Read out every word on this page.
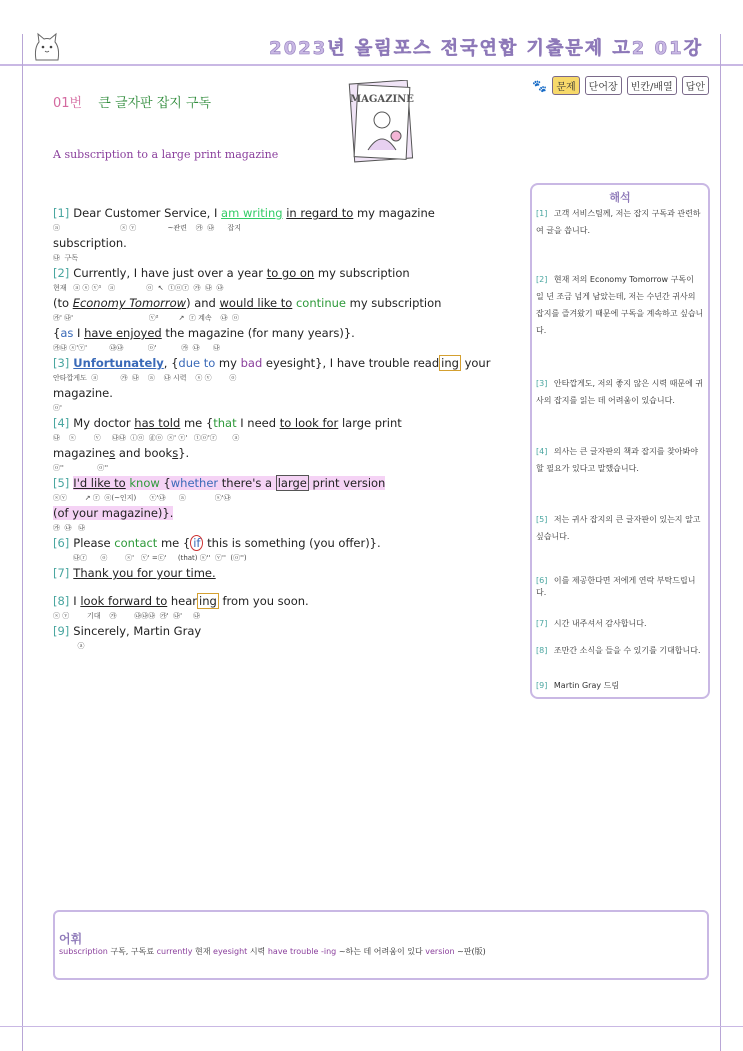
2023년 올림포스 전국연합 기출문제 고2 01강
🐾 문제	단어장	빈칸/배열	답안
01번 큰 글자판 잡지 구독	MAGAZINE
A subscription to a large print magazine
[1] Dear Customer Service, I am writing in regard to my magazine
ⓐ                           ⓢ ⓥ              ~관련    ㉮  ㉯      잡지
subscription.
㉯  구독
[2] Currently, I have just over a year to go on my subscription
현재   ⓐ ⓢ ⓥ¹   ⓐ              ⓞ  ↖  ⓣⓞⓡ  ㉮  ㉯  ㉯
(to Economy Tomorrow) and would like to continue my subscription
㉮' ㉯'                                  ⓥ²         ↗  ⓡ 계속    ㉯  ⓞ
{as I have enjoyed the magazine (for many years)}.
㉮㉯ ⓢ'ⓥ'          ㉯㉯           ⓞ'           ㉮  ㉯      ㉯
[3] Unfortunately, {due to my bad eyesight}, I have trouble read ing your
안타깝게도  ⓐ          ㉮  ㉯    ⓐ    ㉯ 시력    ⓢ ⓥ        ⓞ
magazine.
ⓞ'
[4] My doctor has told me {that I need to look for large print
㉯    ⓢ        ⓥ     ㉯㉯  ⓘⓞ  ⓓⓞ  ⓢ' ⓥ'   ⓣⓞ'ⓡ       ⓐ
magazines and books}.
ⓞ''               ⓞ''
[5] I'd like to know {whether there's a large print version
ⓢⓥ        ↗ ⓡ  ⓞ(~인지)      ⓥ'㉯      ⓐ             ⓢ'㉯
(of your magazine)}.
㉮  ㉯   ㉯
[6] Please contact me { if this is something (you offer)}.
㉯ⓡ      ⓞ        ⓢ'   ⓥ' =ⓒ'     (that) ⓢ''  ⓥ''  (ⓞ'')
[7] Thank you for your time.
[8] I look forward to hear ing from you soon.
ⓢ ⓥ        기대    ㉮        ㉯㉯㉯  ㉮'  ㉯'     ㉯
[9] Sincerely, Martin Gray
ⓐ
해석
[1] 고객 서비스팀께, 저는 잡지 구독과 관련하여 글을 씁니다.
[2] 현재 저의 Economy Tomorrow 구독이 일 년 조금 넘게 남았는데, 저는 수년간 귀사의 잡지를 즐겨왔기 때문에 구독을 계속하고 싶습니다.
[3] 안타깝게도, 저의 좋지 않은 시력 때문에 귀사의 잡지를 읽는 데 어려움이 있습니다.
[4] 의사는 큰 글자판의 책과 잡지를 찾아봐야 할 필요가 있다고 말했습니다.
[5] 저는 귀사 잡지의 큰 글자판이 있는지 알고 싶습니다.
[6] 이를 제공한다면 저에게 연락 부탁드립니다.
[7] 시간 내주셔서 감사합니다.
[8] 조만간 소식을 들을 수 있기를 기대합니다.
[9] Martin Gray 드림
어휘
subscription 구독, 구독료 currently 현재 eyesight 시력 have trouble -ing ~하는 데 어려움이 있다 version ~판(版)
